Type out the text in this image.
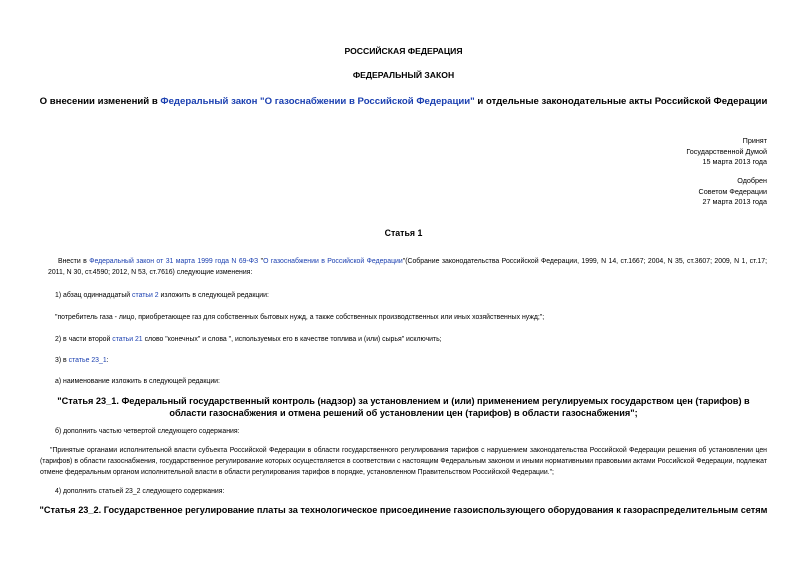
РОССИЙСКАЯ ФЕДЕРАЦИЯ
ФЕДЕРАЛЬНЫЙ ЗАКОН
О внесении изменений в Федеральный закон "О газоснабжении в Российской Федерации" и отдельные законодательные акты Российской Федерации
Принят
Государственной Думой
15 марта 2013 года
Одобрен
Советом Федерации
27 марта 2013 года
Статья 1
Внести в Федеральный закон от 31 марта 1999 года N 69-ФЗ "О газоснабжении в Российской Федерации"(Собрание законодательства Российской Федерации, 1999, N 14, ст.1667; 2004, N 35, ст.3607; 2009, N 1, ст.17; 2011, N 30, ст.4590; 2012, N 53, ст.7616) следующие изменения:
1) абзац одиннадцатый статьи 2 изложить в следующей редакции:
"потребитель газа - лицо, приобретающее газ для собственных бытовых нужд, а также собственных производственных или иных хозяйственных нужд;";
2) в части второй статьи 21 слово "конечных" и слова ", используемых его в качестве топлива и (или) сырья" исключить;
3) в статье 23_1:
а) наименование изложить в следующей редакции:
"Статья 23_1. Федеральный государственный контроль (надзор) за установлением и (или) применением регулируемых государством цен (тарифов) в области газоснабжения и отмена решений об установлении цен (тарифов) в области газоснабжения";
б) дополнить частью четвертой следующего содержания:
"Принятые органами исполнительной власти субъекта Российской Федерации в области государственного регулирования тарифов с нарушением законодательства Российской Федерации решения об установлении цен (тарифов) в области газоснабжения, государственное регулирование которых осуществляется в соответствии с настоящим Федеральным законом и иными нормативными правовыми актами Российской Федерации, подлежат отмене федеральным органом исполнительной власти в области регулирования тарифов в порядке, установленном Правительством Российской Федерации.";
4) дополнить статьей 23_2 следующего содержания:
"Статья 23_2. Государственное регулирование платы за технологическое присоединение газоиспользующего оборудования к газораспределительным сетям
